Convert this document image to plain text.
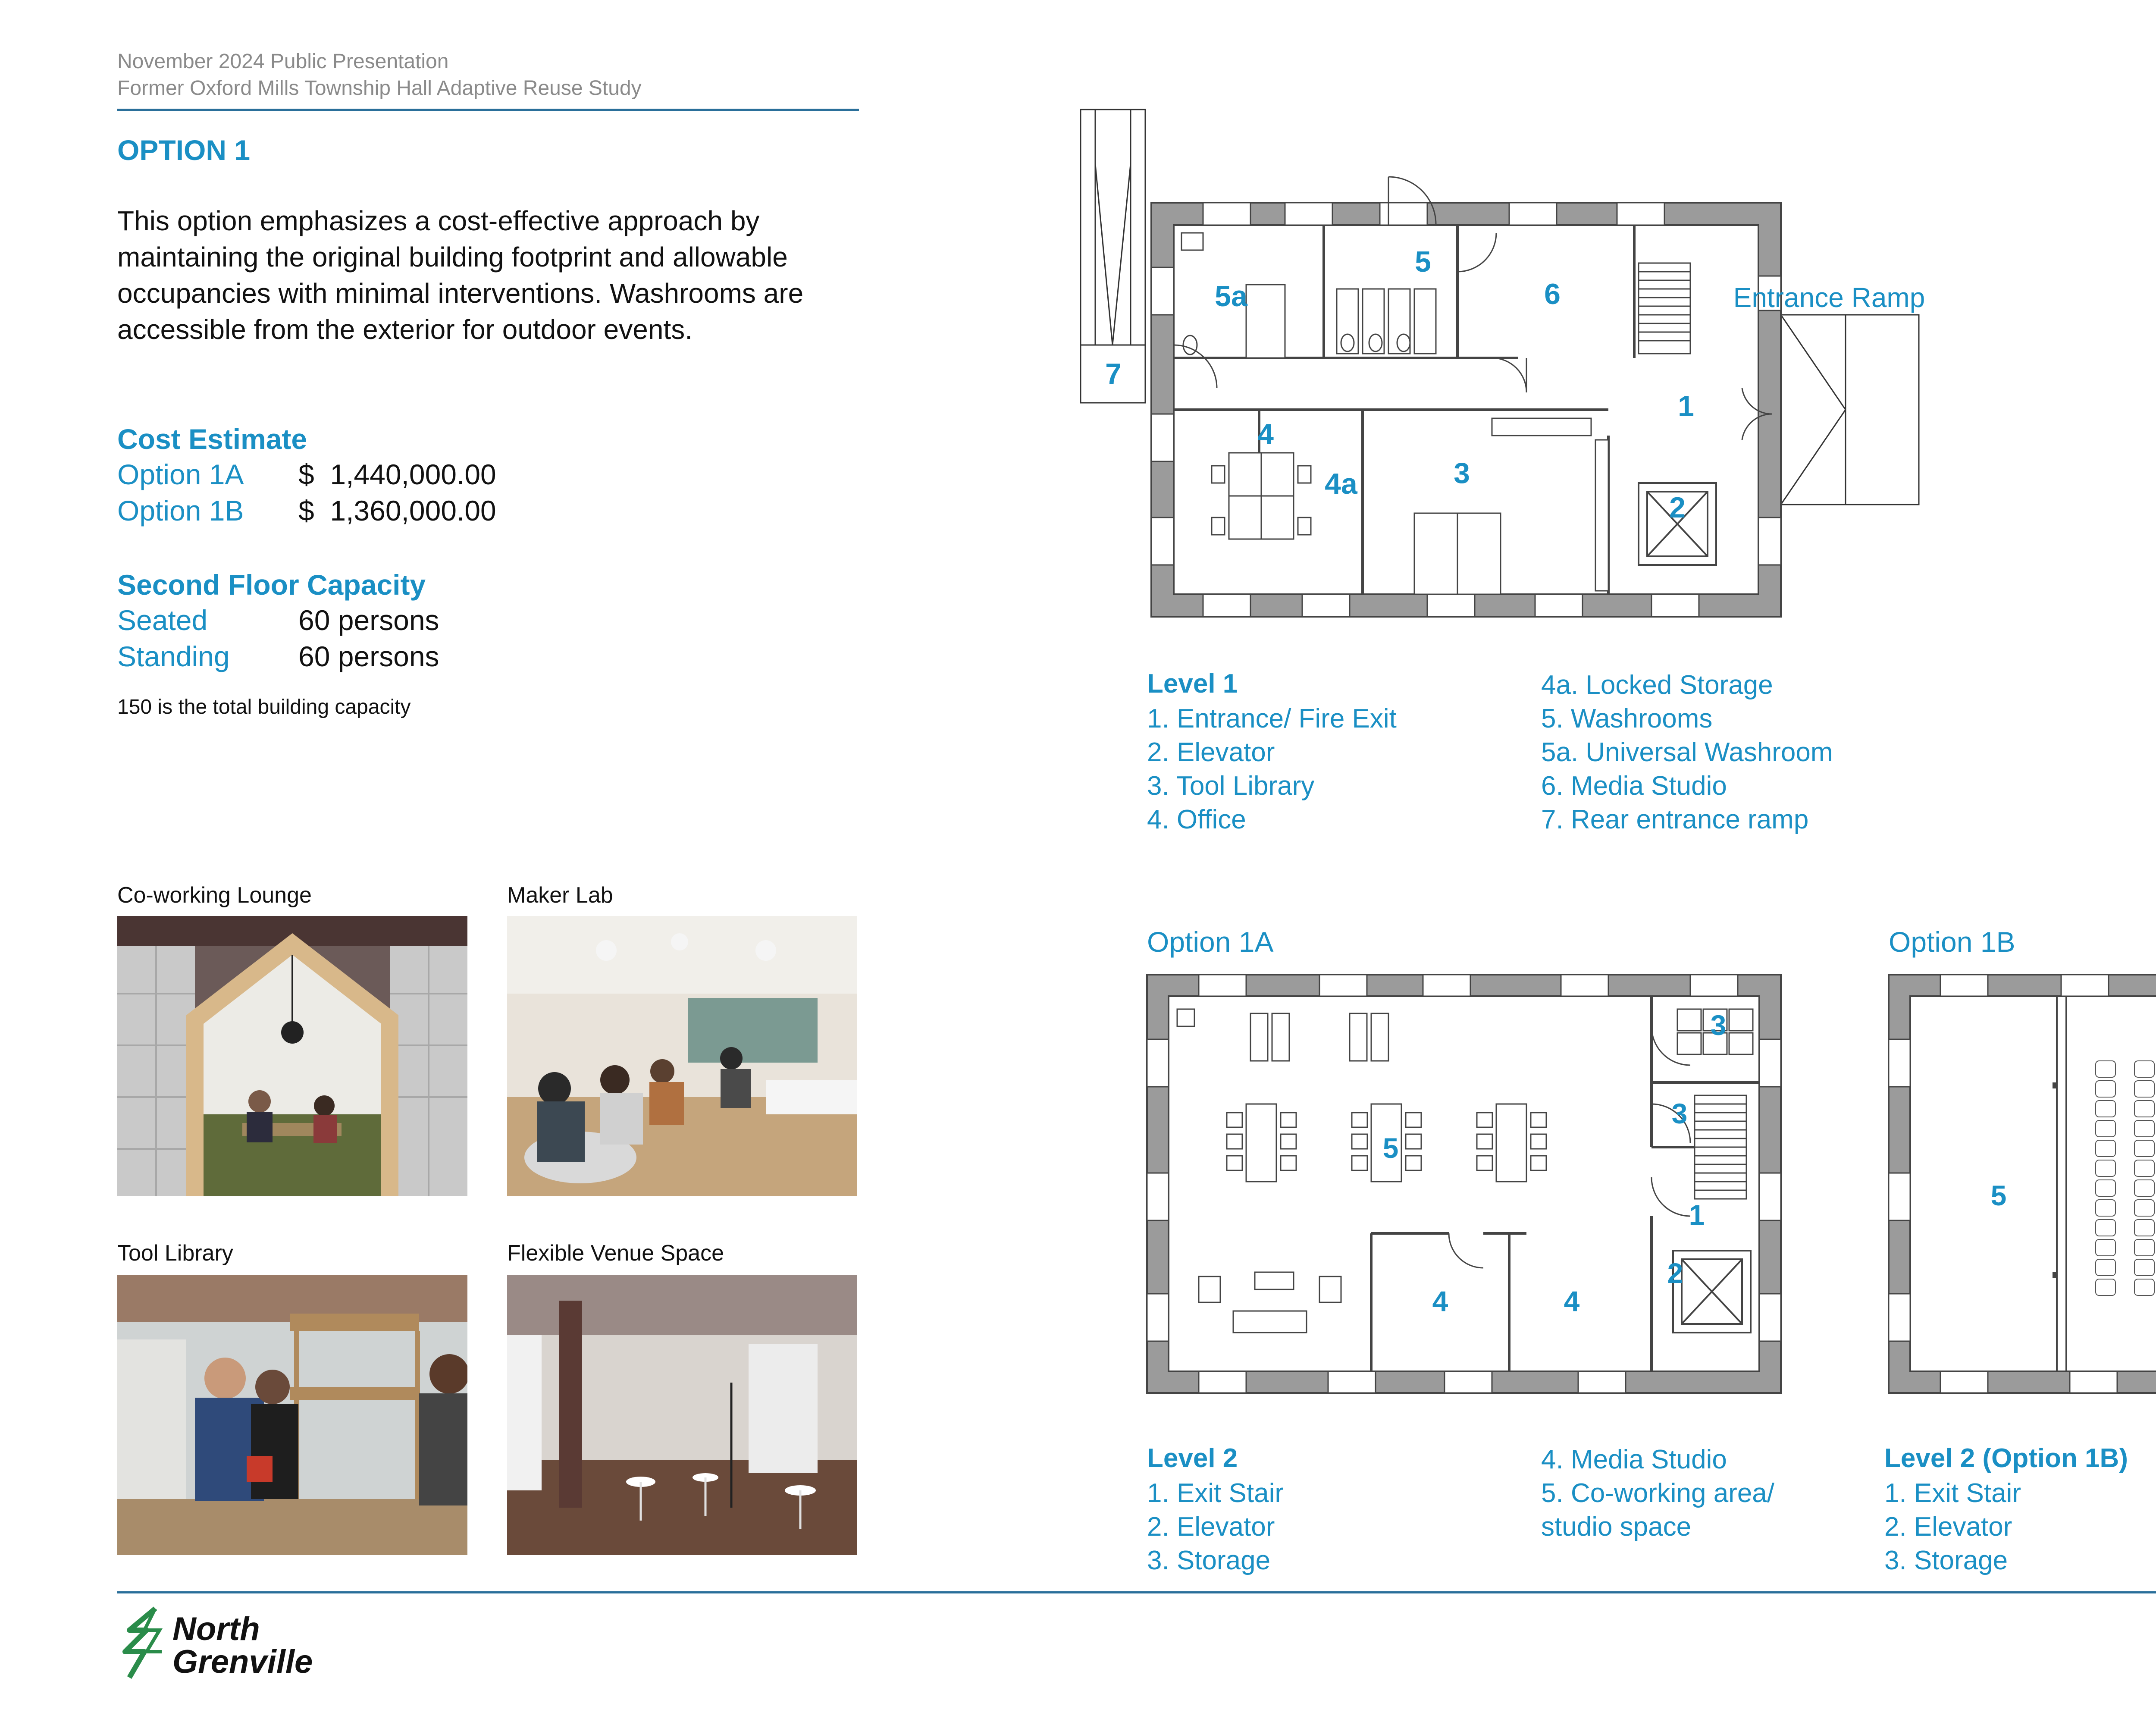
November 2024 Public Presentation
Former Oxford Mills Township Hall Adaptive Reuse Study
OPTION 1
This option emphasizes a cost-effective approach by maintaining the original building footprint and allowable occupancies with minimal interventions. Washrooms are accessible from the exterior for outdoor events.
Cost Estimate
Option 1A $  1,440,000.00
Option 1B $  1,360,000.00
Second Floor Capacity
Seated	60 persons
Standing 60 persons
150 is the total building capacity
Co-working Lounge	Maker Lab
Tool Library	Flexible Venue Space
1
2
3
4
4a
5
5a	6
7
Entrance Ramp
Level 1
1. Entrance/ Fire Exit
2. Elevator
3. Tool Library
4. Office
4a. Locked Storage
5. Washrooms
5a. Universal Washroom
6. Media Studio
7. Rear entrance ramp
Option 1A
3
3
5
1
2
4	4
Option 1B
5
Level 2
1. Exit Stair
2. Elevator
3. Storage
4. Media Studio
5. Co-working area/
studio space
Level 2 (Option 1B)
1. Exit Stair
2. Elevator
3. Storage
North
Grenville
